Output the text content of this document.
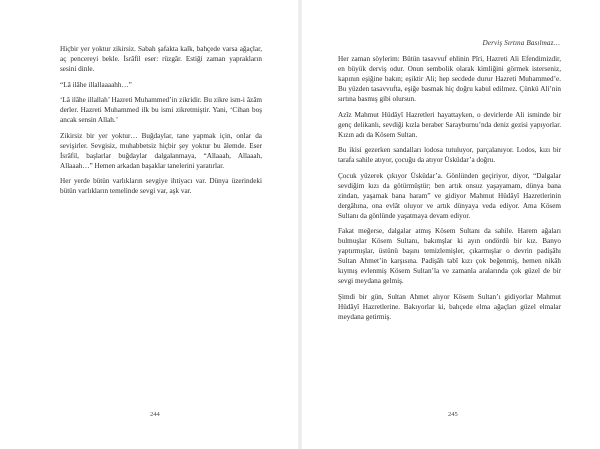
Hiçbir yer yoktur zikirsiz. Sabah şafakta kalk, bahçede varsa ağaçlar, aç pencereyi bekle. İsrâfil eser: rüzgâr. Estiği zaman yaprakların sesini dinle.

“Lâ ilâhe illallaaaahh…”

‘Lâ ilâhe illallah’ Hazreti Muhammed’in zikridir. Bu zikre ism-i âzâm derler. Hazreti Muhammed ilk bu ismi zikretmiştir. Yani, ‘Cihan boş ancak sensin Allah.’

Zikirsiz bir yer yoktur… Buğdaylar, tane yapmak için, onlar da sevişirler. Sevgisiz, muhabbetsiz hiçbir şey yoktur bu âlemde. Eser İsrâfil, başlarlar buğdaylar dalgalanmaya, “Allaaah, Allaaah, Allaaah…” Hemen arkadan başaklar tanelerini yaratırlar.

Her yerde bütün varlıkların sevgiye ihtiyacı var. Dünya üzerindeki bütün varlıkların temelinde sevgi var, aşk var.

244
Derviş Sırtına Basılmaz…

Her zaman söylerim: Bütün tasavvuf ehlinin Pîri, Hazreti Ali Efendimizdir, en büyük derviş odur. Onun sembolik olarak kimliğini görmek isterseniz, kapının eşiğine bakın; eşiktir Ali; hep secdede durur Hazreti Muhammed’e. Bu yüzden tasavvufta, eşiğe basmak hiç doğru kabul edilmez. Çünkü Ali’nin sırtına basmış gibi olursun.

Azîz Mahmut Hüdâyî Hazretleri hayattayken, o devirlerde Ali isminde bir genç delikanlı, sevdiği kızla beraber Sarayburnu’nda deniz gezisi yapıyorlar. Kızın adı da Kösem Sultan.

Bu ikisi gezerken sandalları lodosa tutuluyor, parçalanıyor. Lodos, kızı bir tarafa sahile atıyor, çocuğu da atıyor Üsküdar’a doğru.

Çocuk yüzerek çıkıyor Üsküdar’a. Gönlünden geçiriyor, diyor, “Dalgalar sevdiğim kızı da götürmüştür; ben artık onsuz yaşayamam, dünya bana zindan, yaşamak bana haram” ve gidiyor Mahmut Hüdâyî Hazretlerinin dergâhına, ona evlât oluyor ve artık dünyaya veda ediyor. Ama Kösem Sultanı da gönlünde yaşatmaya devam ediyor.

Fakat meğerse, dalgalar atmış Kösem Sultanı da sahile. Harem ağaları bulmuşlar Kösem Sultanı, bakımşlar ki ayın ondördü bir kız. Banyo yaptırmışlar, üstünü başını temizlemişler, çıkarmışlar o devrin padişâhı Sultan Ahmet’in karşısına. Padişâh tabî kızı çok beğenmiş, hemen nikâh kıymış evlenmiş Kösem Sultan’la ve zamanla aralarında çok güzel de bir sevgi meydana gelmiş.

Şimdi bir gün, Sultan Ahmet alıyor Kösem Sultan’ı gidiyorlar Mahmut Hüdâyî Hazretlerine. Bakıyorlar ki, bahçede elma ağaçları güzel elmalar meydana getirmiş.

245
